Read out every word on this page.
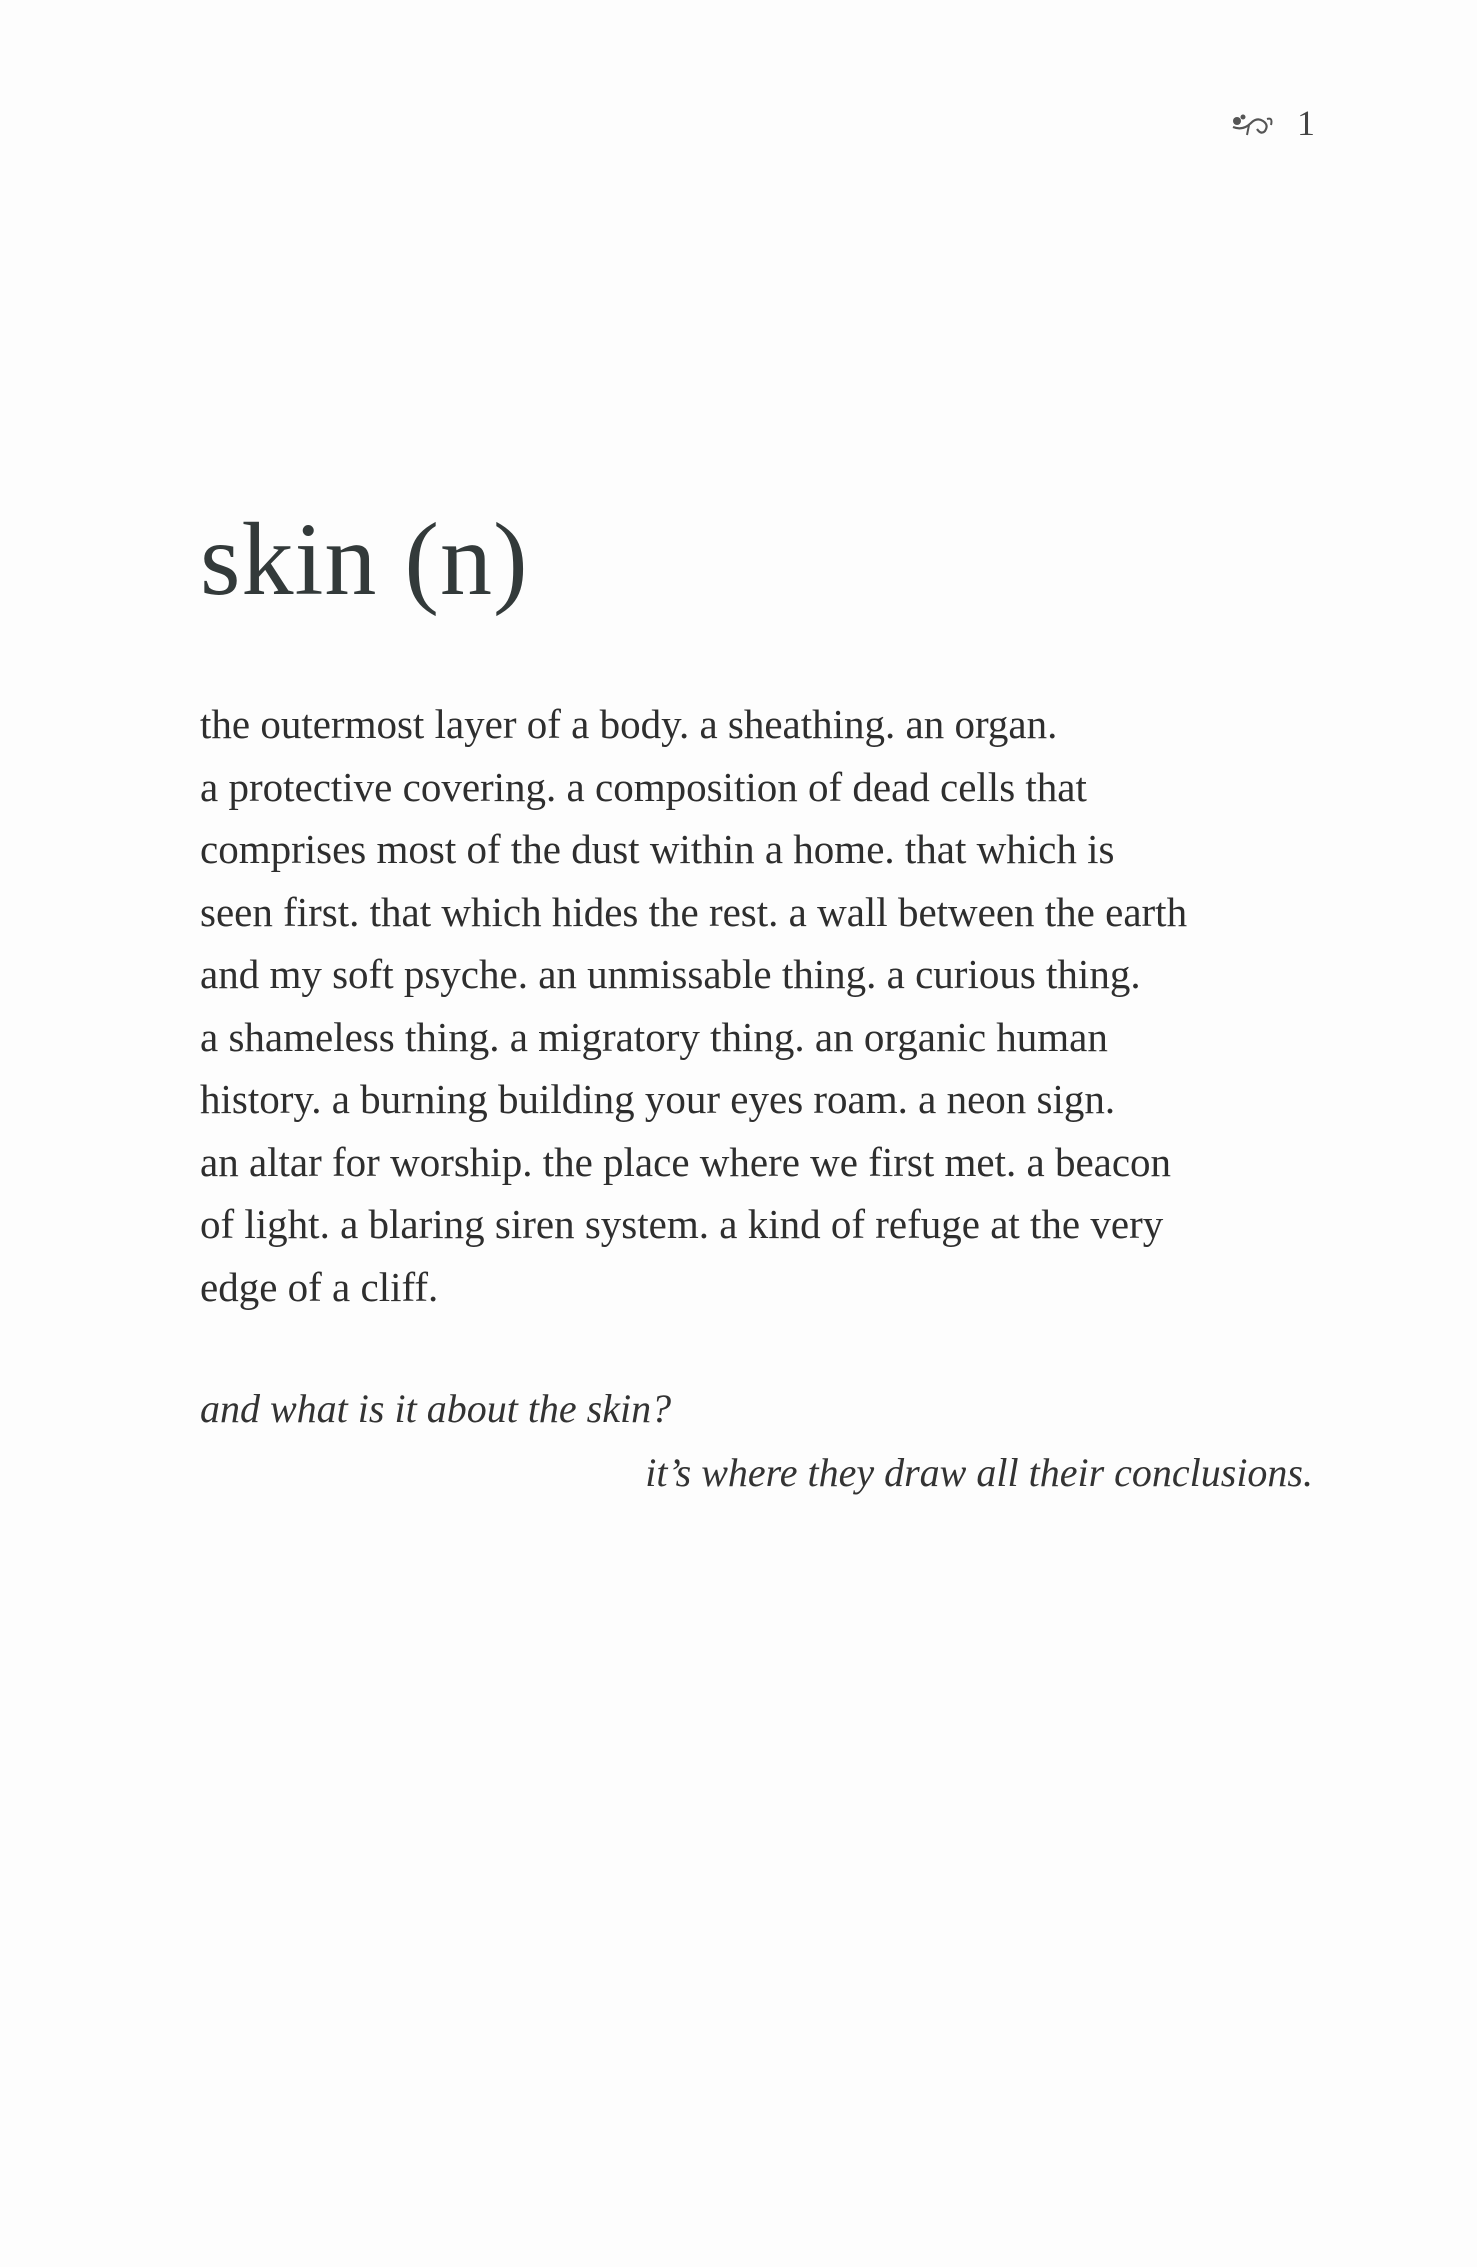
1
skin (n)

the outermost layer of a body. a sheathing. an organ.
a protective covering. a composition of dead cells that
comprises most of the dust within a home. that which is
seen first. that which hides the rest. a wall between the earth
and my soft psyche. an unmissable thing. a curious thing.
a shameless thing. a migratory thing. an organic human
history. a burning building your eyes roam. a neon sign.
an altar for worship. the place where we first met. a beacon
of light. a blaring siren system. a kind of refuge at the very
edge of a cliff.

and what is it about the skin?
it’s where they draw all their conclusions.
